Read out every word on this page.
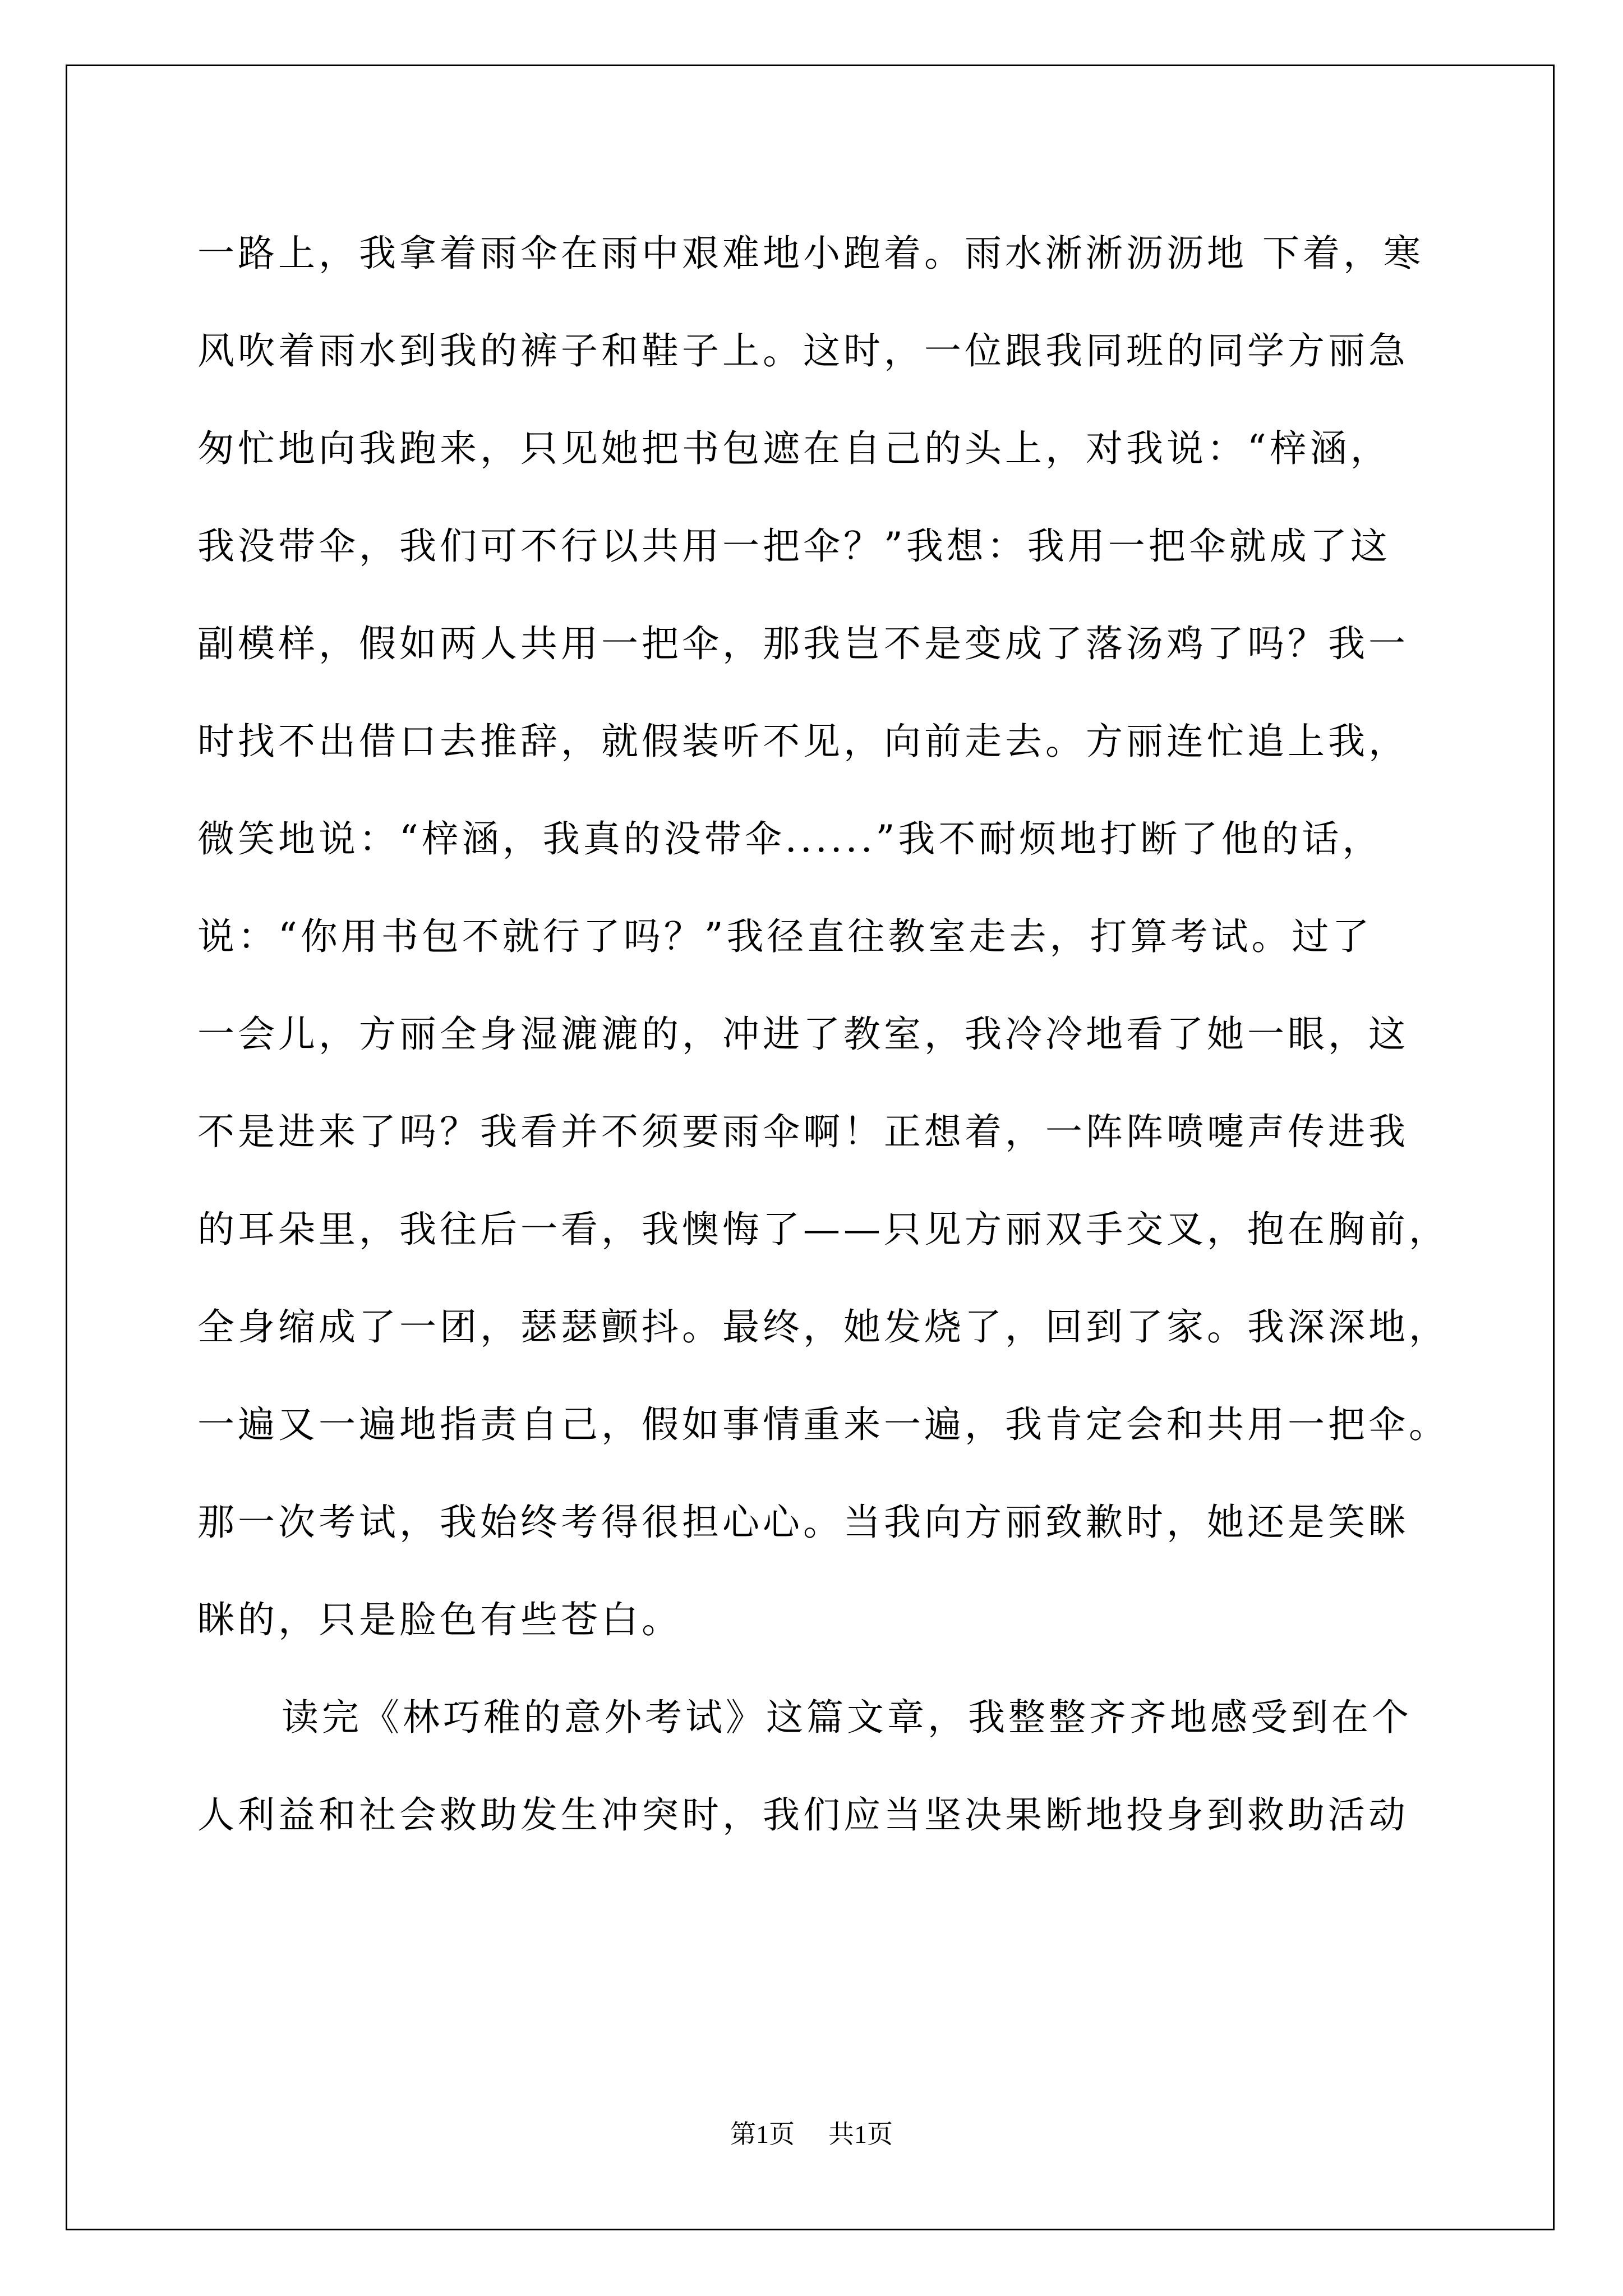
一路上，我拿着雨伞在雨中艰难地小跑着。雨水淅淅沥沥地 下着，寒
风吹着雨水到我的裤子和鞋子上。这时，一位跟我同班的同学方丽急
匆忙地向我跑来，只见她把书包遮在自己的头上，对我说：“梓涵，
我没带伞，我们可不行以共用一把伞？”我想：我用一把伞就成了这
副模样，假如两人共用一把伞，那我岂不是变成了落汤鸡了吗？我一
时找不出借口去推辞，就假装听不见，向前走去。方丽连忙追上我，
微笑地说：“梓涵，我真的没带伞......”我不耐烦地打断了他的话，
说：“你用书包不就行了吗？”我径直往教室走去，打算考试。过了
一会儿，方丽全身湿漉漉的，冲进了教室，我冷冷地看了她一眼，这
不是进来了吗？我看并不须要雨伞啊！正想着，一阵阵喷嚏声传进我
的耳朵里，我往后一看，我懊悔了——只见方丽双手交叉，抱在胸前，
全身缩成了一团，瑟瑟颤抖。最终，她发烧了，回到了家。我深深地，
一遍又一遍地指责自己，假如事情重来一遍，我肯定会和共用一把伞。
那一次考试，我始终考得很担心心。当我向方丽致歉时，她还是笑眯
眯的，只是脸色有些苍白。
读完《林巧稚的意外考试》这篇文章，我整整齐齐地感受到在个
人利益和社会救助发生冲突时，我们应当坚决果断地投身到救助活动
第1页 共1页
